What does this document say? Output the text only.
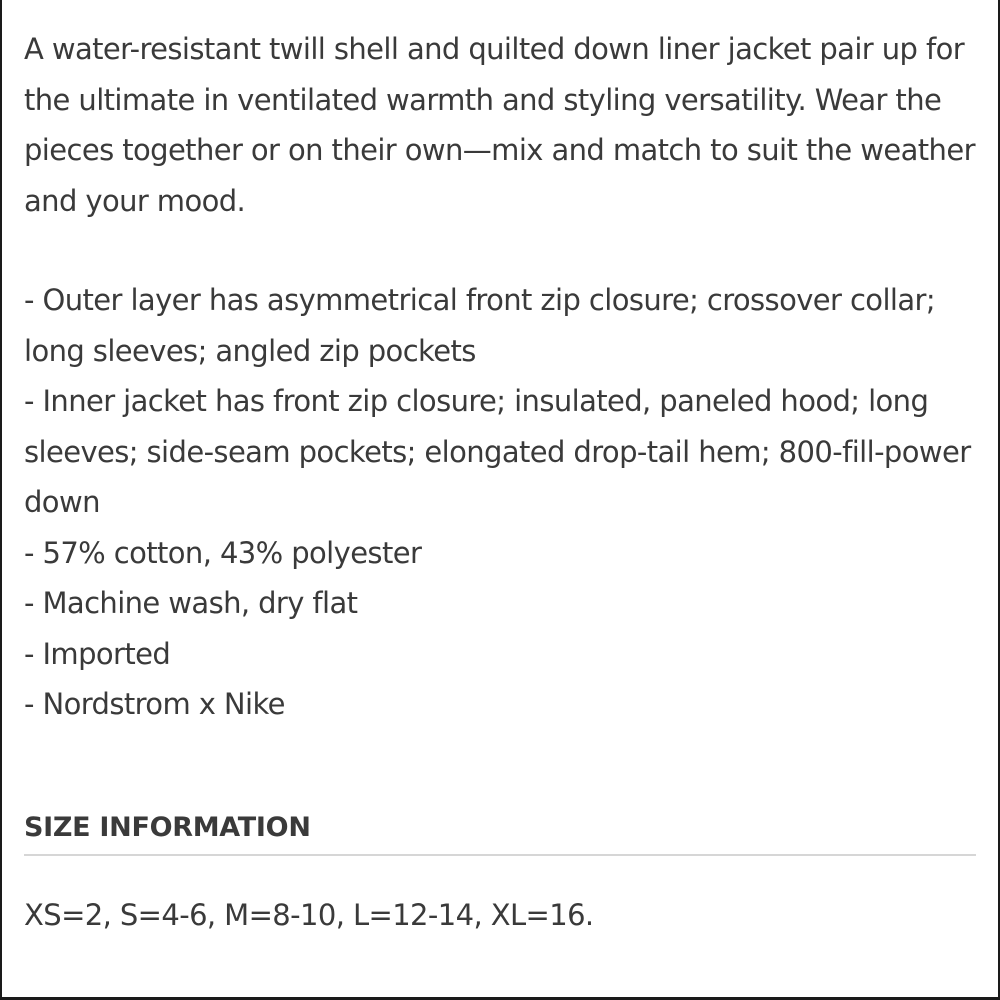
A water-resistant twill shell and quilted down liner jacket pair up for the ultimate in ventilated warmth and styling versatility. Wear the pieces together or on their own—mix and match to suit the weather and your mood.

- Outer layer has asymmetrical front zip closure; crossover collar; long sleeves; angled zip pockets
- Inner jacket has front zip closure; insulated, paneled hood; long sleeves; side-seam pockets; elongated drop-tail hem; 800-fill-power down
- 57% cotton, 43% polyester
- Machine wash, dry flat
- Imported
- Nordstrom x Nike
SIZE INFORMATION

XS=2, S=4-6, M=8-10, L=12-14, XL=16.
